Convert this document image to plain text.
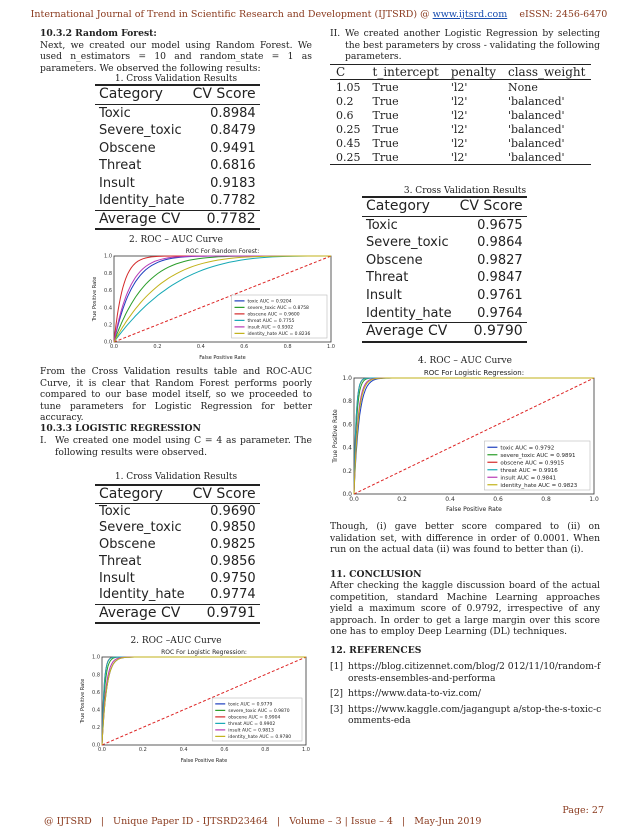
International Journal of Trend in Scientific Research and Development (IJTSRD) @ www.ijtsrd.com eISSN: 2456-6470
10.3.2 Random Forest:
Next, we created our model using Random Forest. We used n_estimators = 10 and random_state = 1 as parameters. We observed the following results:
1. Cross Validation Results
Category	CV Score
Toxic	0.8984
Severe_toxic	0.8479
Obscene	0.9491
Threat	0.6816
Insult	0.9183
Identity_hate	0.7782
Average CV	0.7782
2. ROC – AUC Curve
ROC For Random Forest:
0.0
0.0
0.2
0.2
0.4
0.4
0.6
0.6
0.8
0.8
1.0
1.0
False Positive Rate
True Positive Rate	toxic AUC = 0.9204
severe_toxic AUC = 0.8758
obscene AUC = 0.9600
threat AUC = 0.7755
insult AUC = 0.9302
identity_hate AUC = 0.8236
From the Cross Validation results table and ROC-AUC Curve, it is clear that Random Forest performs poorly compared to our base model itself, so we proceeded to tune parameters for Logistic Regression for better accuracy.
10.3.3 LOGISTIC REGRESSION
I. We created one model using C = 4 as parameter. The following results were observed.
1. Cross Validation Results
Category	CV Score
Toxic	0.9690
Severe_toxic	0.9850
Obscene	0.9825
Threat	0.9856
Insult	0.9750
Identity_hate	0.9774
Average CV	0.9791
2. ROC –AUC Curve
ROC For Logistic Regression:
0.0
0.0
0.2
0.2
0.4
0.4
0.6
0.6
0.8
0.8
1.0
1.0
False Positive Rate
True Positive Rate	toxic AUC = 0.9779
severe_toxic AUC = 0.9870
obscene AUC = 0.9904
threat AUC = 0.9902
insult AUC = 0.9813
identity_hate AUC = 0.9780
II. We created another Logistic Regression by selecting the best parameters by cross - validating the following parameters.
C	t_intercept	penalty	class_weight
1.05	True	'l2'	None
0.2	True	'l2'	'balanced'
0.6	True	'l2'	'balanced'
0.25	True	'l2'	'balanced'
0.45	True	'l2'	'balanced'
0.25	True	'l2'	'balanced'
3. Cross Validation Results
Category	CV Score
Toxic	0.9675
Severe_toxic	0.9864
Obscene	0.9827
Threat	0.9847
Insult	0.9761
Identity_hate	0.9764
Average CV	0.9790
4. ROC – AUC Curve
ROC For Logistic Regression:
0.0
0.0
0.2
0.2
0.4
0.4
0.6
0.6
0.8
0.8
1.0
1.0
False Positive Rate
True Positive Rate	toxic AUC = 0.9792
severe_toxic AUC = 0.9891
obscene AUC = 0.9915
threat AUC = 0.9916
insult AUC = 0.9841
identity_hate AUC = 0.9823
Though, (i) gave better score compared to (ii) on validation set, with difference in order of 0.0001. When run on the actual data (ii) was found to better than (i).
11. CONCLUSION
After checking the kaggle discussion board of the actual competition, standard Machine Learning approaches yield a maximum score of 0.9792, irrespective of any approach. In order to get a large margin over this score one has to employ Deep Learning (DL) techniques.
12. REFERENCES
[1] https://blog.citizennet.com/blog/2 012/11/10/random-forests-ensembles-and-performa
[2] https://www.data-to-viz.com/
[3] https://www.kaggle.com/jagangupt a/stop-the-s-toxic-comments-eda

@ IJTSRD   |   Unique Paper ID - IJTSRD23464   |   Volume – 3 | Issue – 4   |   May-Jun 2019

Page: 27
